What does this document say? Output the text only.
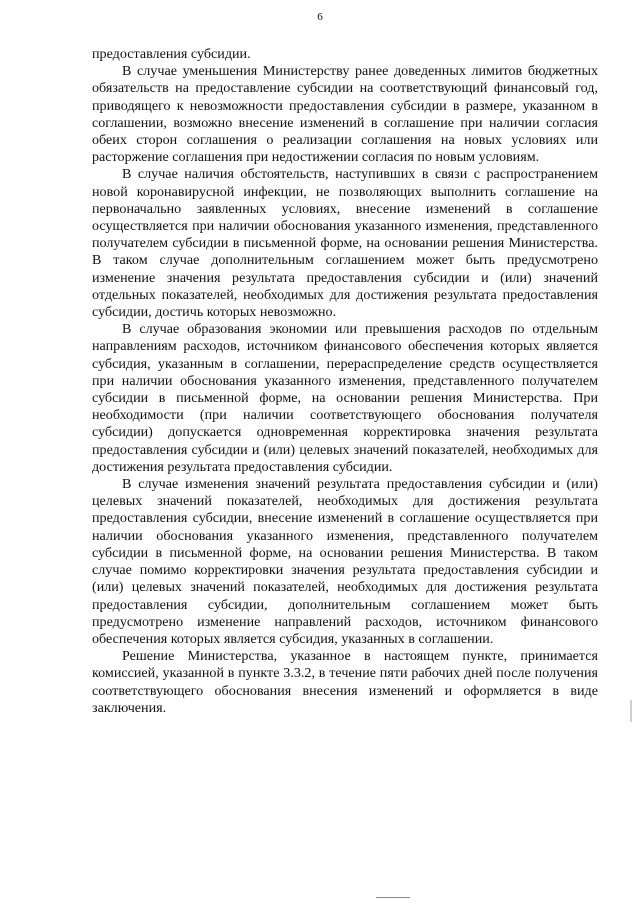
6

предоставления субсидии.

В случае уменьшения Министерству ранее доведенных лимитов бюджетных обязательств на предоставление субсидии на соответствующий финансовый год, приводящего к невозможности предоставления субсидии в размере, указанном в соглашении, возможно внесение изменений в соглашение при наличии согласия обеих сторон соглашения о реализации соглашения на новых условиях или расторжение соглашения при недостижении согласия по новым условиям.

В случае наличия обстоятельств, наступивших в связи с распространением новой коронавирусной инфекции, не позволяющих выполнить соглашение на первоначально заявленных условиях, внесение изменений в соглашение осуществляется при наличии обоснования указанного изменения, представленного получателем субсидии в письменной форме, на основании решения Министерства. В таком случае дополнительным соглашением может быть предусмотрено изменение значения результата предоставления субсидии и (или) значений отдельных показателей, необходимых для достижения результата предоставления субсидии, достичь которых невозможно.

В случае образования экономии или превышения расходов по отдельным направлениям расходов, источником финансового обеспечения которых является субсидия, указанным в соглашении, перераспределение средств осуществляется при наличии обоснования указанного изменения, представленного получателем субсидии в письменной форме, на основании решения Министерства. При необходимости (при наличии соответствующего обоснования получателя субсидии) допускается одновременная корректировка значения результата предоставления субсидии и (или) целевых значений показателей, необходимых для достижения результата предоставления субсидии.

В случае изменения значений результата предоставления субсидии и (или) целевых значений показателей, необходимых для достижения результата предоставления субсидии, внесение изменений в соглашение осуществляется при наличии обоснования указанного изменения, представленного получателем субсидии в письменной форме, на основании решения Министерства. В таком случае помимо корректировки значения результата предоставления субсидии и (или) целевых значений показателей, необходимых для достижения результата предоставления субсидии, дополнительным соглашением может быть предусмотрено изменение направлений расходов, источником финансового обеспечения которых является субсидия, указанных в соглашении.

Решение Министерства, указанное в настоящем пункте, принимается комиссией, указанной в пункте 3.3.2, в течение пяти рабочих дней после получения соответствующего обоснования внесения изменений и оформляется в виде заключения.
